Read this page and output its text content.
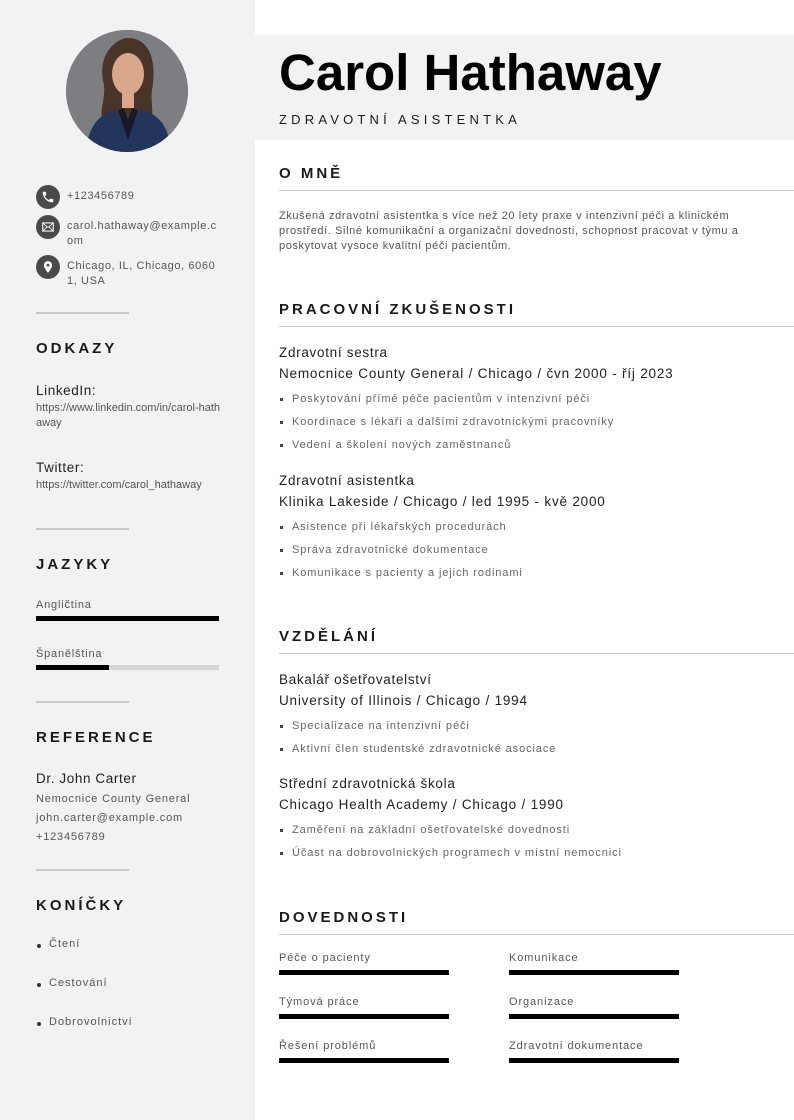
+123456789
carol.hathaway@example.com
Chicago, IL, Chicago, 60601, USA
ODKAZY
LinkedIn:
https://www.linkedin.com/in/carol-hathaway
Twitter:
https://twitter.com/carol_hathaway
JAZYKY
Angličtina
Španělština
REFERENCE
Dr. John Carter
Nemocnice County General
john.carter@example.com
+123456789
KONÍČKY
Čtení
Cestování
Dobrovolnictví
Carol Hathaway
ZDRAVOTNÍ ASISTENTKA
O MNĚ

Zkušená zdravotní asistentka s více než 20 lety praxe v intenzivní péči a klinickém prostředí. Silné komunikační a organizační dovednosti, schopnost pracovat v týmu a poskytovat vysoce kvalitní péči pacientům.

PRACOVNÍ ZKUŠENOSTI
Zdravotní sestra
Nemocnice County General / Chicago / čvn 2000 - říj 2023
Poskytování přímé péče pacientům v intenzivní péči
Koordinace s lékaři a dalšími zdravotnickými pracovníky
Vedení a školení nových zaměstnanců
Zdravotní asistentka
Klinika Lakeside / Chicago / led 1995 - kvě 2000
Asistence při lékařských procedurách
Správa zdravotnické dokumentace
Komunikace s pacienty a jejich rodinami
VZDĚLÁNÍ
Bakalář ošetřovatelství
University of Illinois / Chicago / 1994
Specializace na intenzivní péči
Aktivní člen studentské zdravotnické asociace
Střední zdravotnická škola
Chicago Health Academy / Chicago / 1990
Zaměření na základní ošetřovatelské dovednosti
Účast na dobrovolnických programech v místní nemocnici
DOVEDNOSTI
Péče o pacienty	Komunikace
Týmová práce	Organizace
Řešení problémů	Zdravotní dokumentace
